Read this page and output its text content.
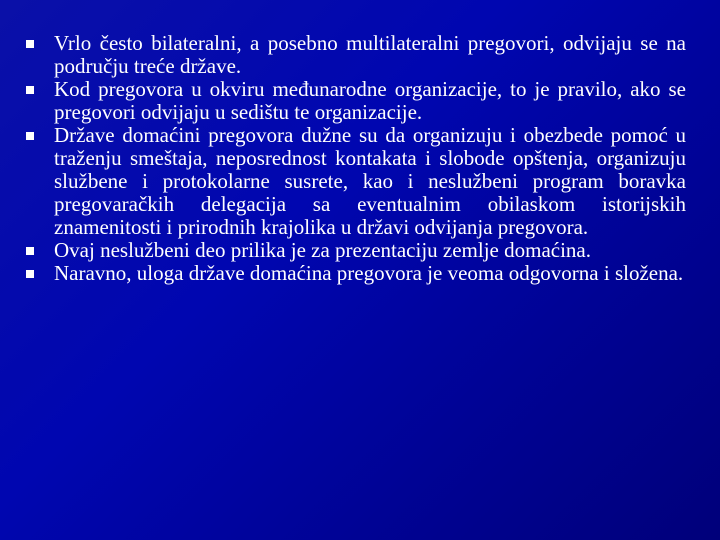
Vrlo često bilateralni, a posebno multilateralni pregovori, odvijaju se na području treće države.

Kod pregovora u okviru međunarodne organizacije, to je pravilo, ako se pregovori odvijaju u sedištu te organizacije.

Države domaćini pregovora dužne su da organizuju i obezbede pomoć u traženju smeštaja, neposrednost kontakata i slobode opštenja, organizuju službene i protokolarne susrete, kao i neslužbeni program boravka pregovaračkih delegacija sa eventualnim obilaskom istorijskih znamenitosti i prirodnih krajolika u državi odvijanja pregovora.

Ovaj neslužbeni deo prilika je za prezentaciju zemlje domaćina.

Naravno, uloga države domaćina pregovora je veoma odgovorna i složena.
